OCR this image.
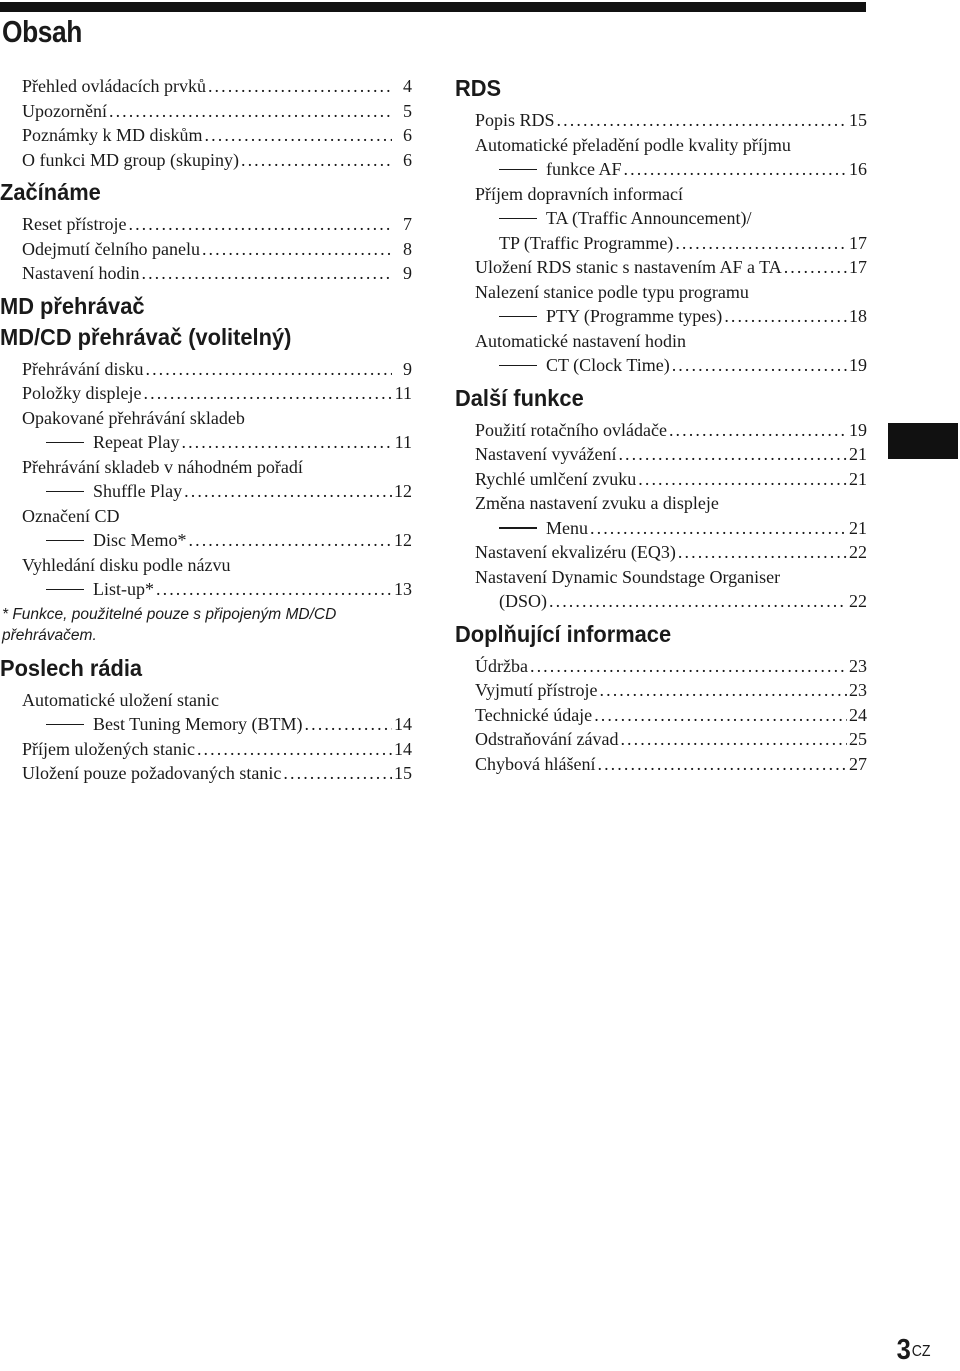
Obsah
Přehled ovládacích prvků . . .	4
Upozornění . . .	5
Poznámky k MD diskům . . .	6
O funkci MD group (skupiny) . . .	6
Začínáme
Reset přístroje . . .	7
Odejmutí čelního panelu . . .	8
Nastavení hodin . . .	9
MD přehrávač
MD/CD přehrávač (volitelný)
Přehrávání disku . . .	9
Položky displeje . . .	11
Opakované přehrávání skladeb
Repeat Play . . .	11
Přehrávání skladeb v náhodném pořadí
Shuffle Play . . .	12
Označení CD
Disc Memo* . . .	12
Vyhledání disku podle názvu
List-up* . . .	13

* Funkce, použitelné pouze s připojeným MD/CD přehrávačem.

Poslech rádia
Automatické uložení stanic
Best Tuning Memory (BTM) . . .	14
Příjem uložených stanic . . .	14
Uložení pouze požadovaných stanic . . .	15
RDS
Popis RDS . . .	15
Automatické přeladění podle kvality příjmu
funkce AF . . .	16
Příjem dopravních informací
TA (Traffic Announcement)/
TP (Traffic Programme) . . .	17
Uložení RDS stanic s nastavením AF a TA . . .	17
Nalezení stanice podle typu programu
PTY (Programme types) . . .	18
Automatické nastavení hodin
CT (Clock Time) . . .	19
Další funkce
Použití rotačního ovládače . . .	19
Nastavení vyvážení . . .	21
Rychlé umlčení zvuku . . .	21
Změna nastavení zvuku a displeje
Menu . . .	21
Nastavení ekvalizéru (EQ3) . . .	22
Nastavení Dynamic Soundstage Organiser
(DSO) . . .	22
Doplňující informace
Údržba . . .	23
Vyjmutí přístroje . . .	23
Technické údaje . . .	24
Odstraňování závad . . .	25
Chybová hlášení . . .	27
$3^{CZ}$
